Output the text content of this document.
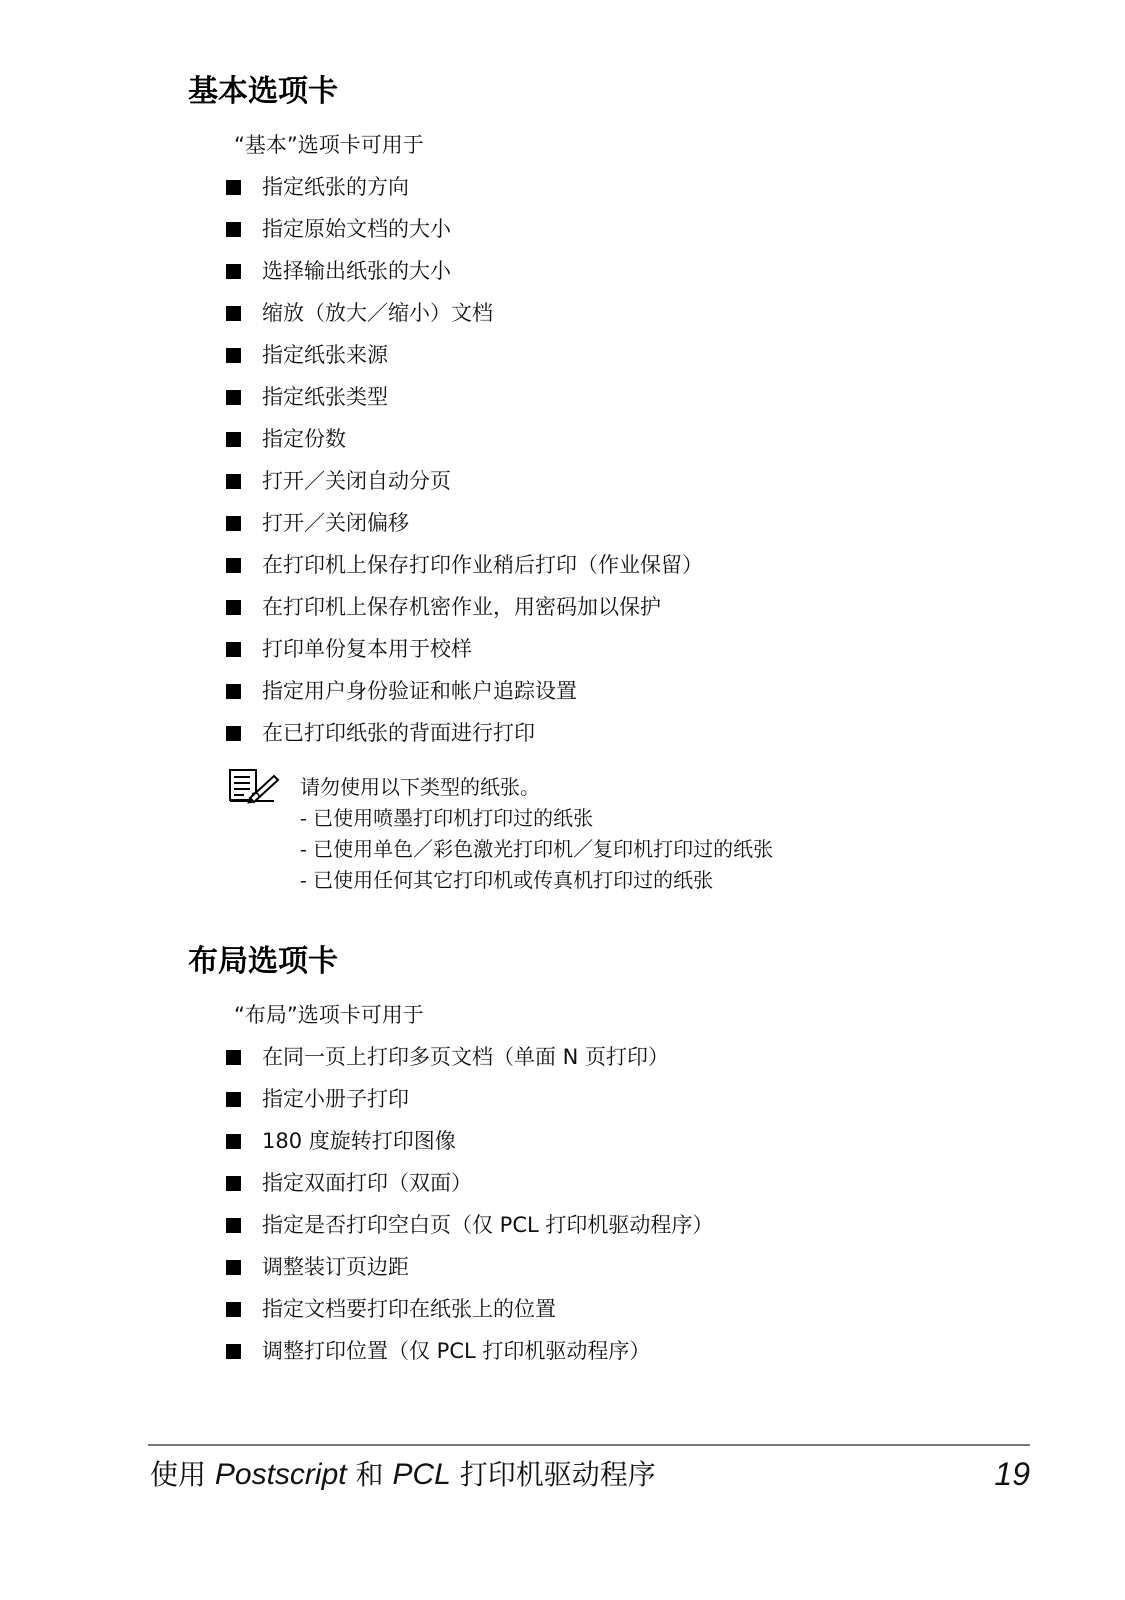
基本选项卡

“基本”选项卡可用于

指定纸张的方向
指定原始文档的大小
选择输出纸张的大小
缩放（放大／缩小）文档
指定纸张来源
指定纸张类型
指定份数
打开／关闭自动分页
打开／关闭偏移
在打印机上保存打印作业稍后打印（作业保留）
在打印机上保存机密作业，用密码加以保护
打印单份复本用于校样
指定用户身份验证和帐户追踪设置
在已打印纸张的背面进行打印
请勿使用以下类型的纸张。
- 已使用喷墨打印机打印过的纸张
- 已使用单色／彩色激光打印机／复印机打印过的纸张
- 已使用任何其它打印机或传真机打印过的纸张
布局选项卡

“布局”选项卡可用于

在同一页上打印多页文档（单面 N 页打印）
指定小册子打印
180 度旋转打印图像
指定双面打印（双面）
指定是否打印空白页（仅 PCL 打印机驱动程序）
调整装订页边距
指定文档要打印在纸张上的位置
调整打印位置（仅 PCL 打印机驱动程序）
使用 Postscript 和 PCL 打印机驱动程序	19
